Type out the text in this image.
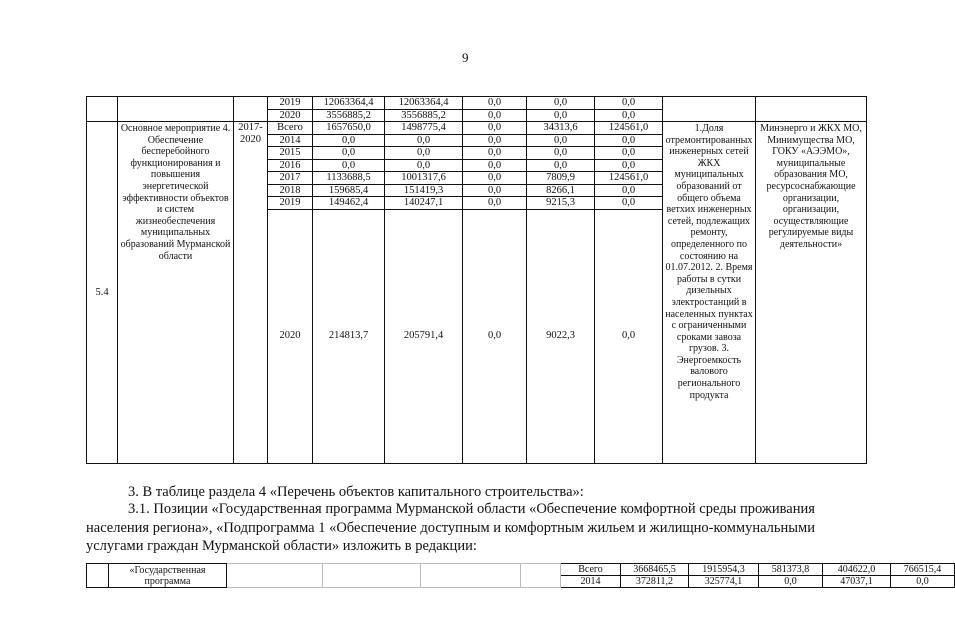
9
			2019	12063364,4	12063364,4	0,0	0,0	0,0		
			2020	3556885,2	3556885,2	0,0	0,0	0,0		
5.4	Основное мероприятие 4. Обеспечение бесперебойного функционирования и повышения энергетической эффективности объектов и систем жизнеобеспечения муниципальных образований Мурманской области	2017-2020	Всего	1657650,0	1498775,4	0,0	34313,6	124561,0	1.Доля отремонтированных инженерных сетей ЖКХ муниципальных образований от общего объема ветхих инженерных сетей, подлежащих ремонту, определенного по состоянию на 01.07.2012. 2. Время работы в сутки дизельных электростанций в населенных пунктах с ограниченными сроками завоза грузов. 3. Энергоемкость валового регионального продукта	Минэнерго и ЖКХ МО, Минимущества МО, ГОКУ «АЭЭМО», муниципальные образования МО, ресурсоснабжающие организации, организации, осуществляющие регулируемые виды деятельности»

			2014	0,0	0,0	0,0	0,0	0,0		
			2015	0,0	0,0	0,0	0,0	0,0		
			2016	0,0	0,0	0,0	0,0	0,0		
			2017	1133688,5	1001317,6	0,0	7809,9	124561,0		
			2018	159685,4	151419,3	0,0	8266,1	0,0		
			2019	149462,4	140247,1	0,0	9215,3	0,0		
			2020	214813,7	205791,4	0,0	9022,3	0,0		
3. В таблице раздела 4 «Перечень объектов капитального строительства»:
3.1. Позиции «Государственная программа Мурманской области «Обеспечение комфортной среды проживания населения региона», «Подпрограмма 1 «Обеспечение доступным и комфортным жильем и жилищно-коммунальными услугами граждан Мурманской области» изложить в редакции:
	«Государственная программа					Всего	3668465,5	1915954,3	581373,8	404622,0	766515,4
						2014	372811,2	325774,1	0,0	47037,1	0,0
